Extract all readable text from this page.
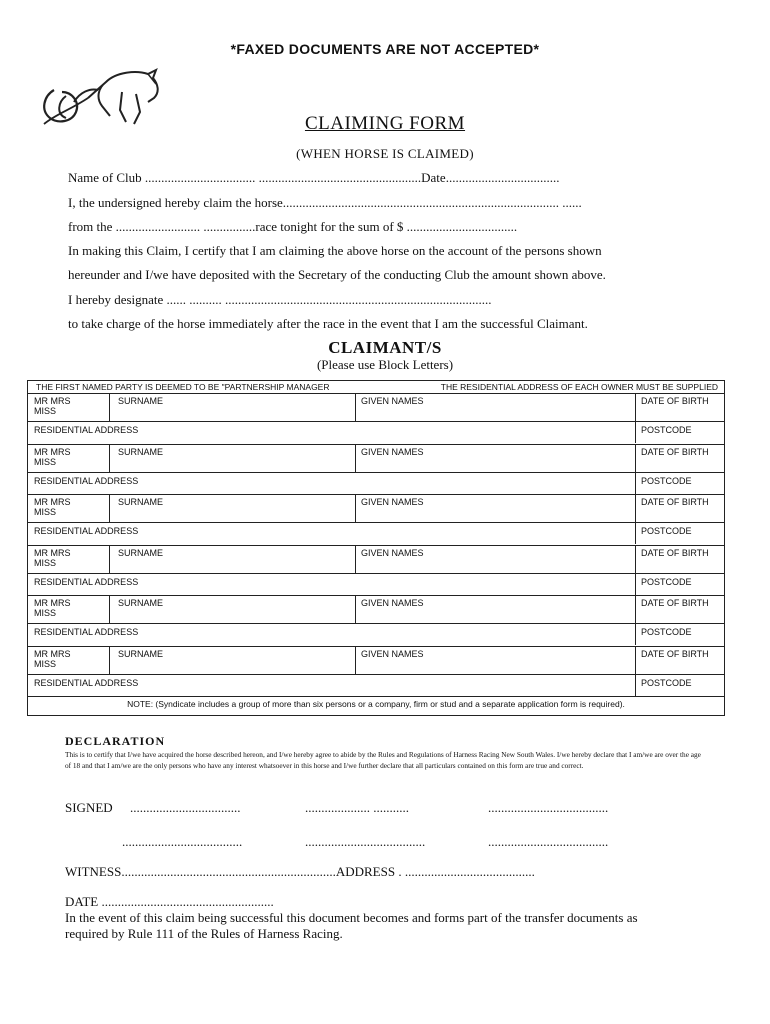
*FAXED DOCUMENTS ARE NOT ACCEPTED*
CLAIMING FORM
(WHEN HORSE IS CLAIMED)
Name of Club .................................. ..................................................Date...................................
I, the undersigned hereby claim the horse..................................................................................... ......
from the .......................... ................race tonight for the sum of $ ..................................
In making this Claim, I certify that I am claiming the above horse on the account of the persons shown
hereunder and I/we have deposited with the Secretary of the conducting Club the amount shown above.
I hereby designate ...... .......... ..................................................................................
to take charge of the horse immediately after the race in the event that I am the successful Claimant.
CLAIMANT/S
(Please use Block Letters)
THE FIRST NAMED PARTY IS DEEMED TO BE "PARTNERSHIP MANAGER	THE RESIDENTIAL ADDRESS OF EACH OWNER MUST BE SUPPLIED
MR MRS
MISS
SURNAME	GIVEN NAMES	DATE OF BIRTH
RESIDENTIAL ADDRESS	POSTCODE
MR MRS
MISS
SURNAME	GIVEN NAMES	DATE OF BIRTH
RESIDENTIAL ADDRESS	POSTCODE
MR MRS
MISS
SURNAME	GIVEN NAMES	DATE OF BIRTH
RESIDENTIAL ADDRESS	POSTCODE
MR MRS
MISS
SURNAME	GIVEN NAMES	DATE OF BIRTH
RESIDENTIAL ADDRESS	POSTCODE
MR MRS
MISS
SURNAME	GIVEN NAMES	DATE OF BIRTH
RESIDENTIAL ADDRESS	POSTCODE
MR MRS
MISS
SURNAME	GIVEN NAMES	DATE OF BIRTH
RESIDENTIAL ADDRESS	POSTCODE
NOTE: (Syndicate includes a group of more than six persons or a company, firm or stud and a separate application form is required).
DECLARATION
This is to certify that I/we have acquired the horse described hereon, and I/we hereby agree to abide by the Rules and Regulations of Harness Racing New South Wales. I/we hereby declare that I am/we are over the age of 18 and that I am/we are the only persons who have any interest whatsoever in this horse and I/we further declare that all particulars contained on this form are true and correct.
SIGNED ..................................	.................... ...........	.....................................
.....................................	.....................................	.....................................
WITNESS..................................................................ADDRESS . ........................................
DATE .....................................................
In the event of this claim being successful this document becomes and forms part of the transfer documents as
required by Rule 111 of the Rules of Harness Racing.
